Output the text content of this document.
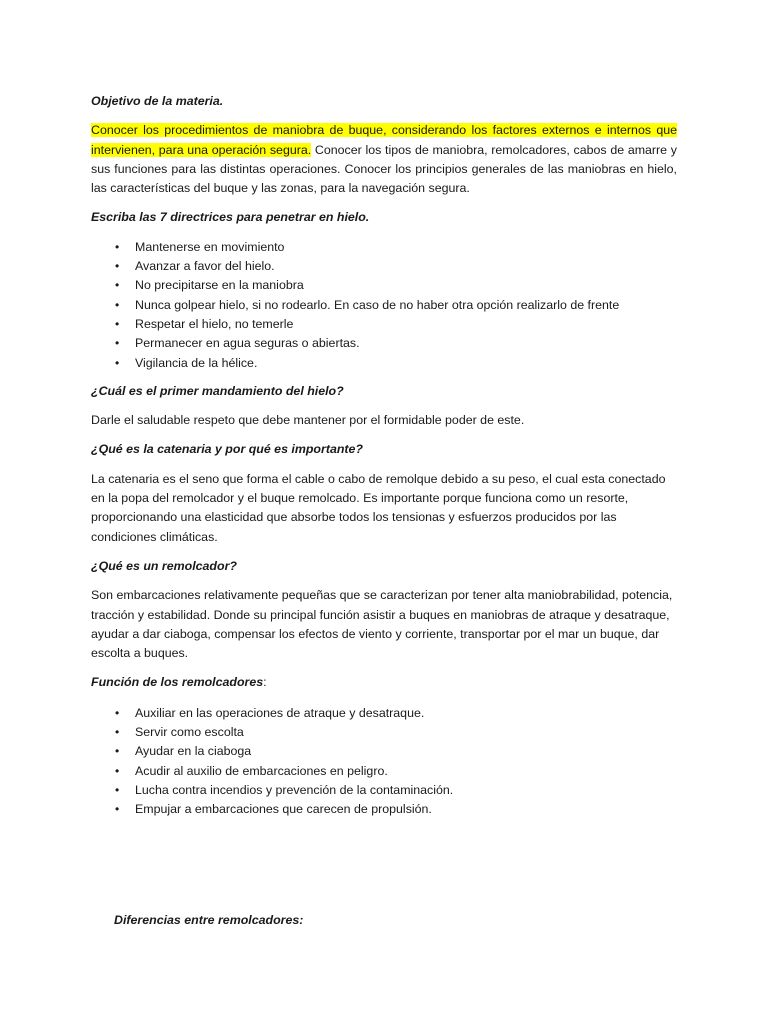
Objetivo de la materia.

Conocer los procedimientos de maniobra de buque, considerando los factores externos e internos que intervienen, para una operación segura. Conocer los tipos de maniobra, remolcadores, cabos de amarre y sus funciones para las distintas operaciones. Conocer los principios generales de las maniobras en hielo, las características del buque y las zonas, para la navegación segura.

Escriba las 7 directrices para penetrar en hielo.

• Mantenerse en movimiento
• Avanzar a favor del hielo.
• No precipitarse en la maniobra
• Nunca golpear hielo, si no rodearlo. En caso de no haber otra opción realizarlo de frente
• Respetar el hielo, no temerle
• Permanecer en agua seguras o abiertas.
• Vigilancia de la hélice.

¿Cuál es el primer mandamiento del hielo?

Darle el saludable respeto que debe mantener por el formidable poder de este.

¿Qué es la catenaria y por qué es importante?

La catenaria es el seno que forma el cable o cabo de remolque debido a su peso, el cual esta conectado en la popa del remolcador y el buque remolcado. Es importante porque funciona como un resorte, proporcionando una elasticidad que absorbe todos los tensionas y esfuerzos producidos por las condiciones climáticas.

¿Qué es un remolcador?

Son embarcaciones relativamente pequeñas que se caracterizan por tener alta maniobrabilidad, potencia, tracción y estabilidad. Donde su principal función asistir a buques en maniobras de atraque y desatraque, ayudar a dar ciaboga, compensar los efectos de viento y corriente, transportar por el mar un buque, dar escolta a buques.

Función de los remolcadores:

• Auxiliar en las operaciones de atraque y desatraque.
• Servir como escolta
• Ayudar en la ciaboga
• Acudir al auxilio de embarcaciones en peligro.
• Lucha contra incendios y prevención de la contaminación.
• Empujar a embarcaciones que carecen de propulsión.

Diferencias entre remolcadores:
